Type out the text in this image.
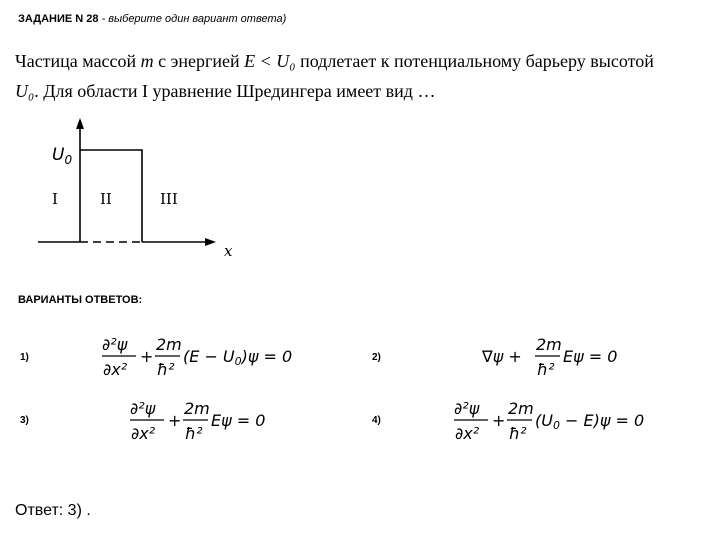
ЗАДАНИЕ N 28 - выберите один вариант ответа)
Частица массой m с энергией E < U₀ подлетает к потенциальному барьеру высотой
U₀. Для области I уравнение Шредингера имеет вид …
$U_0$
I	II	III
x
ВАРИАНТЫ ОТВЕТОВ:
1)	2)
3)	4)
∂²ψ
∂x²
+
2m
ħ²
(E − U0)ψ = 0	∇ψ +
2m
ħ²
Eψ = 0
∂²ψ
∂x²
+
2m
ħ²
Eψ = 0
∂²ψ
∂x²
+
2m
ħ²
(U0 − E)ψ = 0
Ответ: 3) .
